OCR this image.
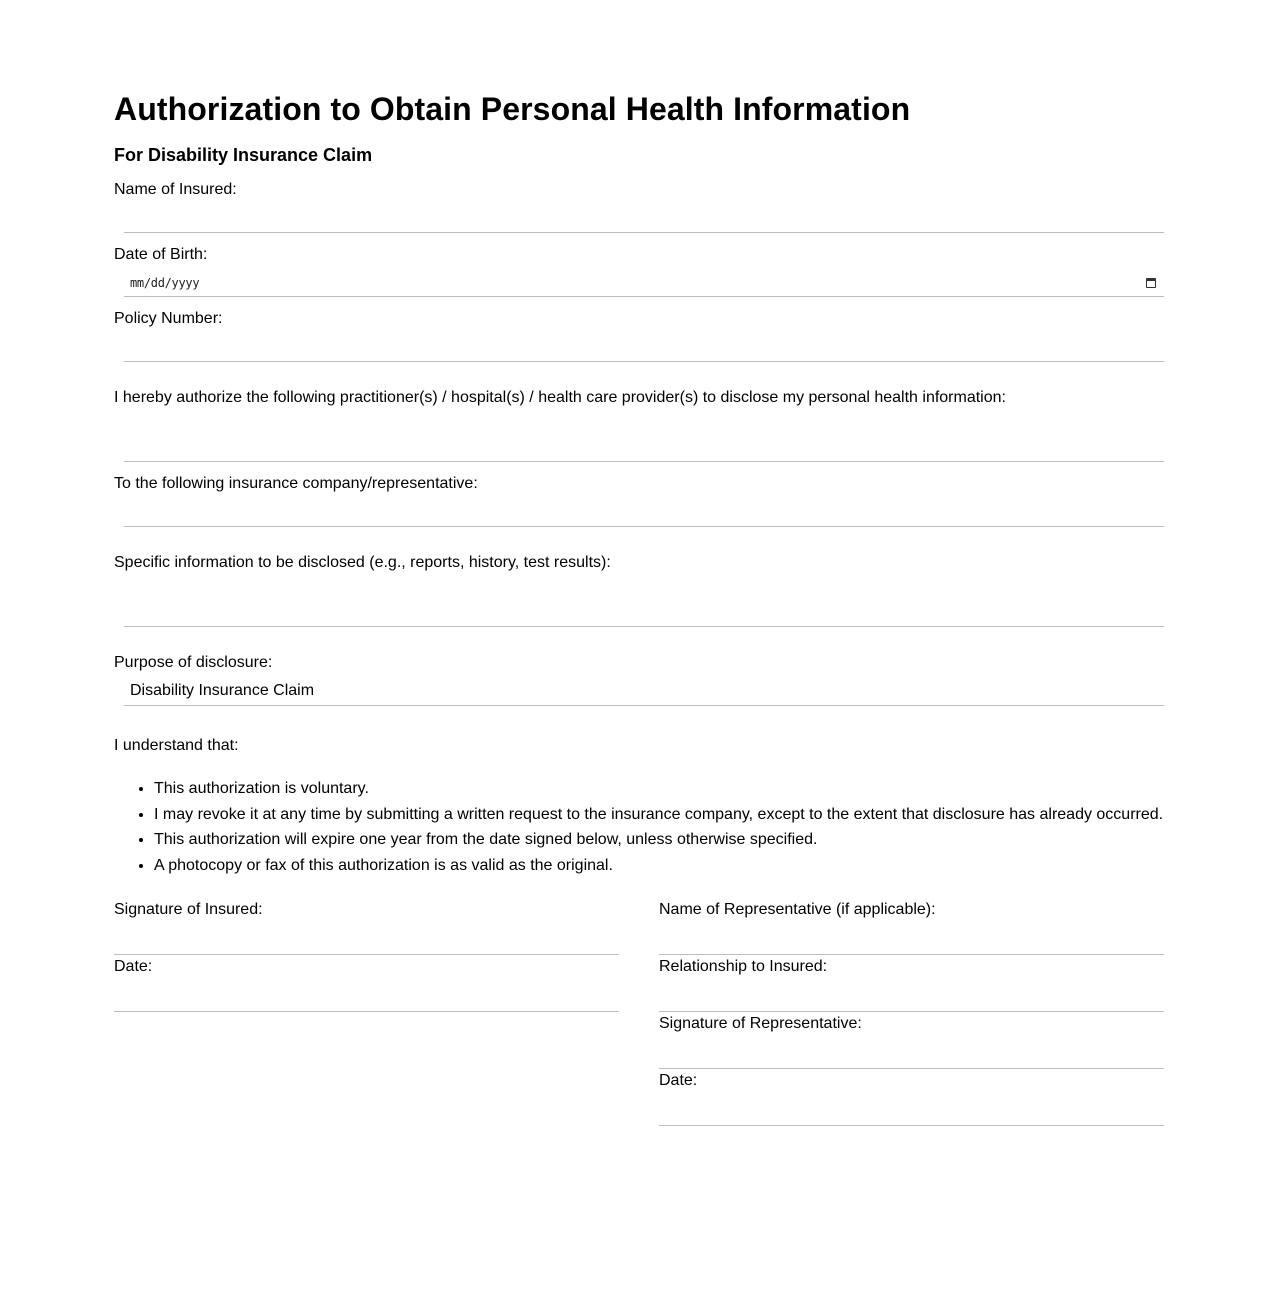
Authorization to Obtain Personal Health Information
For Disability Insurance Claim
Name of Insured:
Date of Birth:
mm/dd/yyyy
Policy Number:
I hereby authorize the following practitioner(s) / hospital(s) / health care provider(s) to disclose my personal health information:
To the following insurance company/representative:
Specific information to be disclosed (e.g., reports, history, test results):
Purpose of disclosure:
Disability Insurance Claim
I understand that:
• This authorization is voluntary.
• I may revoke it at any time by submitting a written request to the insurance company, except to the extent that disclosure has already occurred.
• This authorization will expire one year from the date signed below, unless otherwise specified.
• A photocopy or fax of this authorization is as valid as the original.
Signature of Insured:
Date:
Name of Representative (if applicable):
Relationship to Insured:
Signature of Representative:
Date:
